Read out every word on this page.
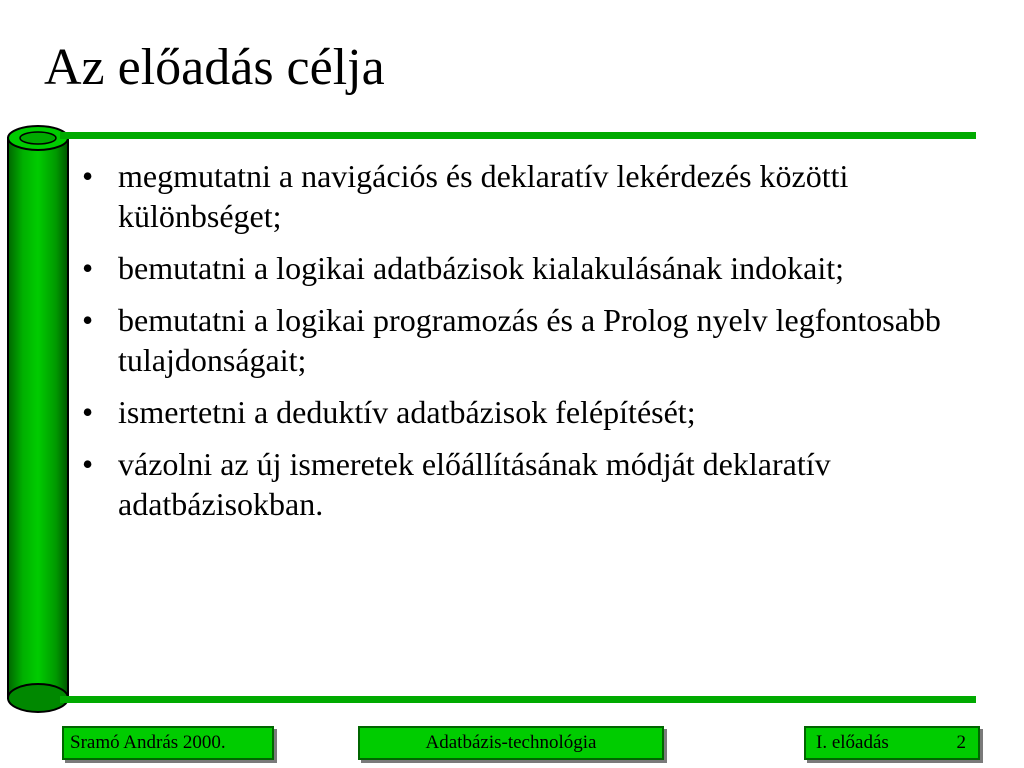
Az előadás célja
• megmutatni a navigációs és deklaratív lekérdezés közötti különbséget;
• bemutatni a logikai adatbázisok kialakulásának indokait;
• bemutatni a logikai programozás és a Prolog nyelv legfontosabb tulajdonságait;
• ismertetni a deduktív adatbázisok felépítését;
• vázolni az új ismeretek előállításának módját deklaratív adatbázisokban.
Sramó András 2000.	Adatbázis-technológia	I. előadás	2
